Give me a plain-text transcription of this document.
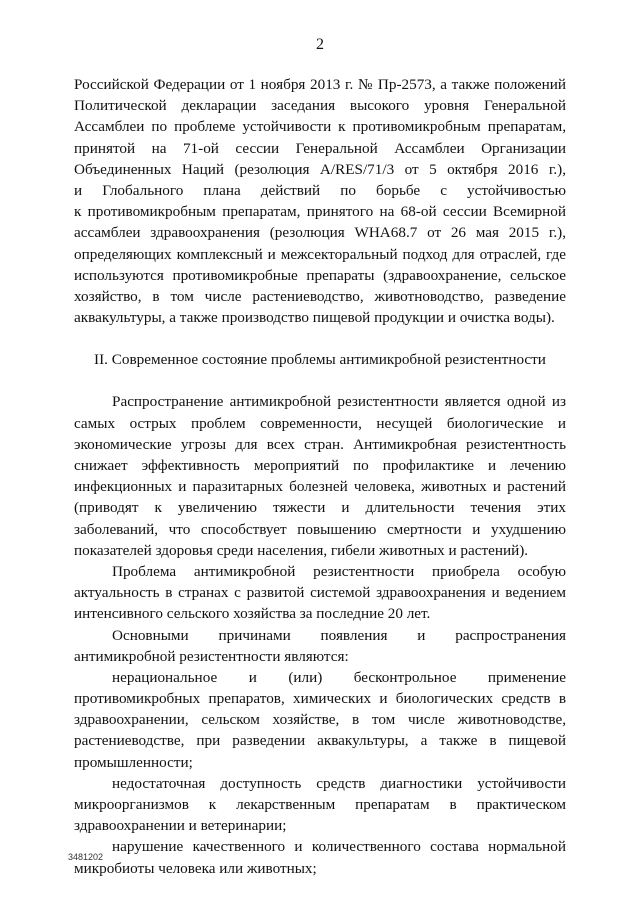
2
Российской Федерации от 1 ноября 2013 г. № Пр-2573, а также положений
Политической декларации заседания высокого уровня Генеральной
Ассамблеи по проблеме устойчивости к противомикробным препаратам,
принятой на 71-ой сессии Генеральной Ассамблеи Организации
Объединенных Наций (резолюция A/RES/71/3 от 5 октября 2016 г.),
и Глобального плана действий по борьбе с устойчивостью
к противомикробным препаратам, принятого на 68-ой сессии Всемирной
ассамблеи здравоохранения (резолюция WHA68.7 от 26 мая 2015 г.),
определяющих комплексный и межсекторальный подход для отраслей, где
используются противомикробные препараты (здравоохранение, сельское
хозяйство, в том числе растениеводство, животноводство, разведение
аквакультуры, а также производство пищевой продукции и очистка воды).
II. Современное состояние проблемы антимикробной резистентности
Распространение антимикробной резистентности является одной из
самых острых проблем современности, несущей биологические и
экономические угрозы для всех стран. Антимикробная резистентность
снижает эффективность мероприятий по профилактике и лечению
инфекционных и паразитарных болезней человека, животных и растений
(приводят к увеличению тяжести и длительности течения этих
заболеваний, что способствует повышению смертности и ухудшению
показателей здоровья среди населения, гибели животных и растений).
Проблема антимикробной резистентности приобрела особую
актуальность в странах с развитой системой здравоохранения и ведением
интенсивного сельского хозяйства за последние 20 лет.
Основными причинами появления и распространения
антимикробной резистентности являются:
нерациональное и (или) бесконтрольное применение
противомикробных препаратов, химических и биологических средств в
здравоохранении, сельском хозяйстве, в том числе животноводстве,
растениеводстве, при разведении аквакультуры, а также в пищевой
промышленности;
недостаточная доступность средств диагностики устойчивости
микроорганизмов к лекарственным препаратам в практическом
здравоохранении и ветеринарии;
нарушение качественного и количественного состава нормальной
микробиоты человека или животных;
3481202
